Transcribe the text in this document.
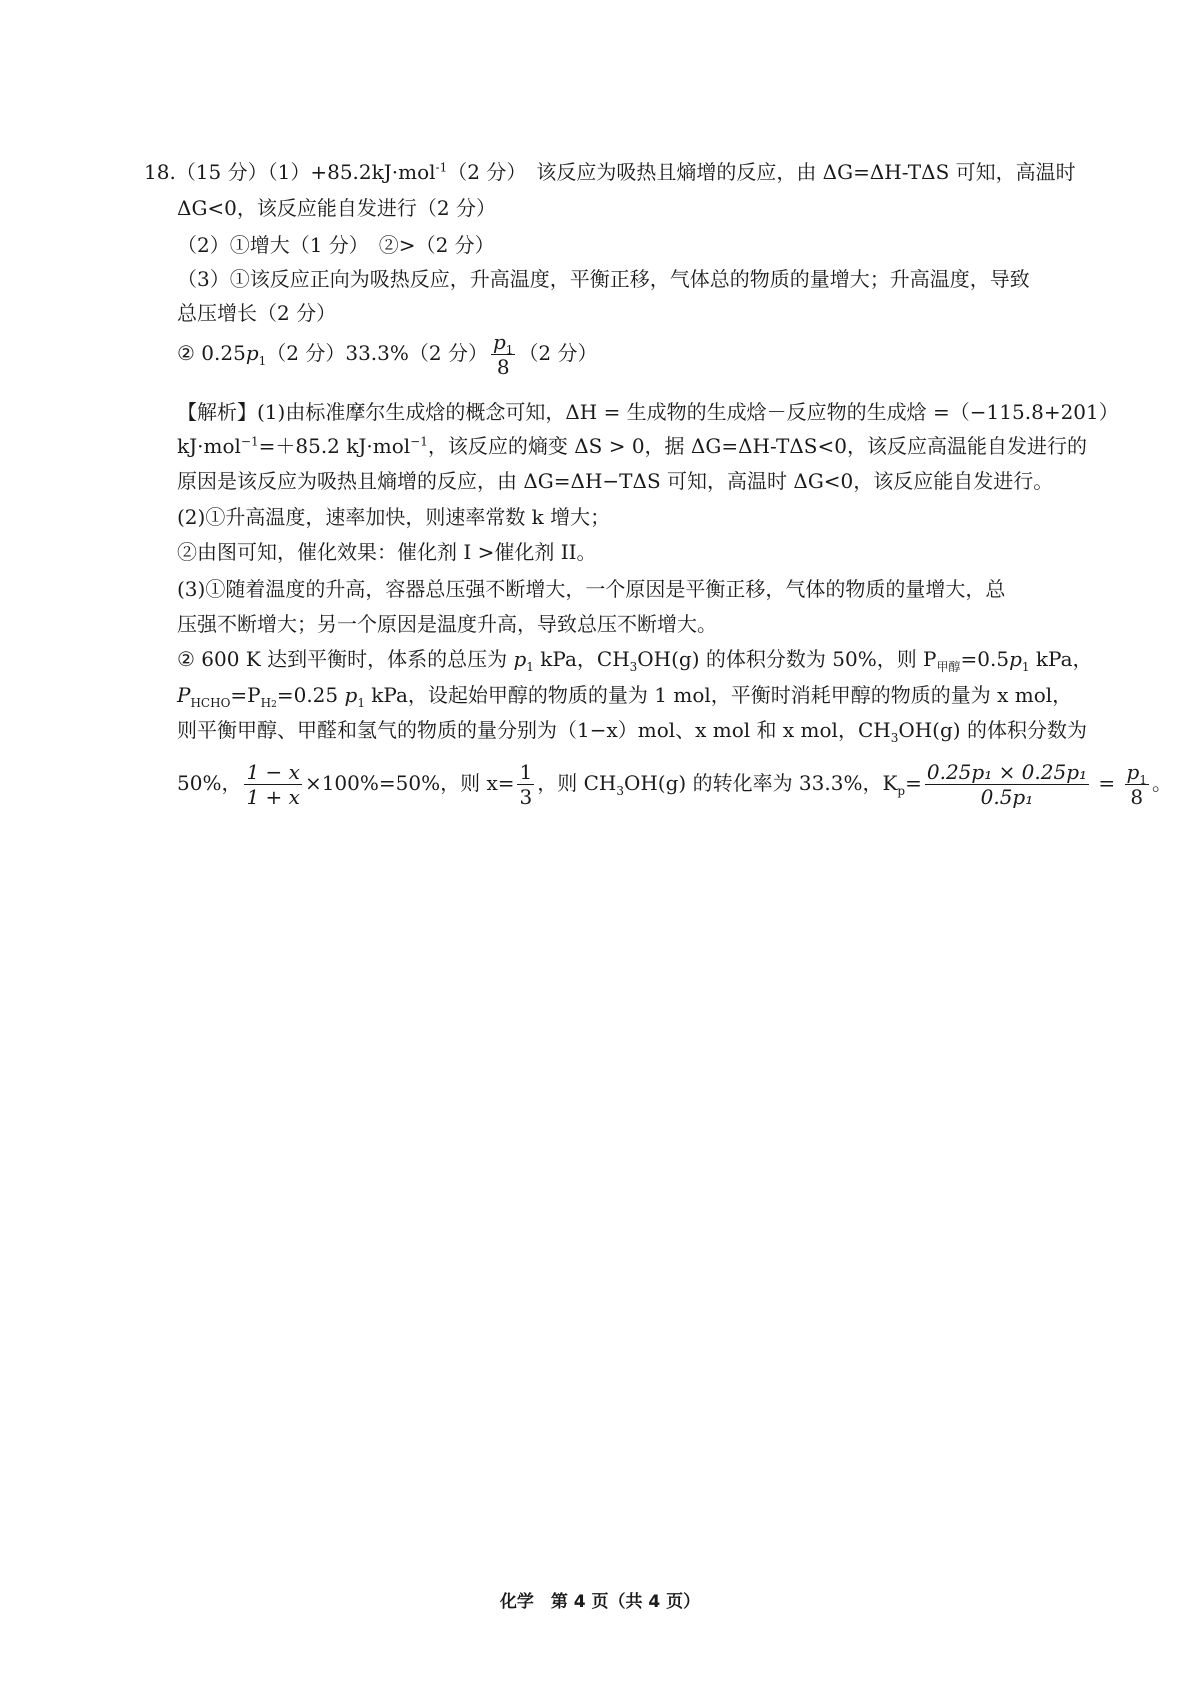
18.（15 分）（1）+85.2kJ·mol$^{-1}$（2 分）　该反应为吸热且熵增的反应，由 ΔG=ΔH-TΔS 可知，高温时
ΔG<0，该反应能自发进行（2 分）
（2）①增大（1 分）　②>（2 分）
（3）①该反应正向为吸热反应，升高温度，平衡正移，气体总的物质的量增大；升高温度，导致
总压增长（2 分）
② $0.25p_1(2$ 分）33.3%（2 分） $\frac{p_1}{8} (2$ 分）
【解析】(1)由标准摩尔生成焓的概念可知，ΔH = 生成物的生成焓－反应物的生成焓 =（−115.8+201）
kJ·mol$^{-1}$=＋85.2 kJ·mol$^{-1}$，该反应的熵变 ΔS > 0，据 ΔG=ΔH-TΔS<0，该反应高温能自发进行的
原因是该反应为吸热且熵增的反应，由 ΔG=ΔH−TΔS 可知，高温时 ΔG<0，该反应能自发进行。
(2)①升高温度，速率加快，则速率常数 k 增大；
②由图可知，催化效果：催化剂 I >催化剂 II。
(3)①随着温度的升高，容器总压强不断增大，一个原因是平衡正移，气体的物质的量增大，总
压强不断增大；另一个原因是温度升高，导致总压不断增大。
② 600 K 达到平衡时，体系的总压为 $p_1$ kPa，$CH_3OH(g)$ 的体积分数为 50%，则 $P_{甲醇}=0.5p_1$ kPa，
$P_{HCHO}=P_{H2}=0.25$ $p_1$ kPa，设起始甲醇的物质的量为 1 mol，平衡时消耗甲醇的物质的量为 x mol，
则平衡甲醇、甲醛和氢气的物质的量分别为（1−x）mol、x mol 和 x mol，$CH_3OH(g)$ 的体积分数为
50%， $\frac{1 - x}{1 + x} \times 100\%=50\%$，则 $x= \frac{1}{3}$ ，则 $CH_3OH(g)$ 的转化率为 33.3%，$K_p= \frac{\text{0.25p₁ × 0.25p₁}}{\text{0.5p₁}} = \frac{p_1}{8}$ 。
化学　第 4 页（共 4 页）
